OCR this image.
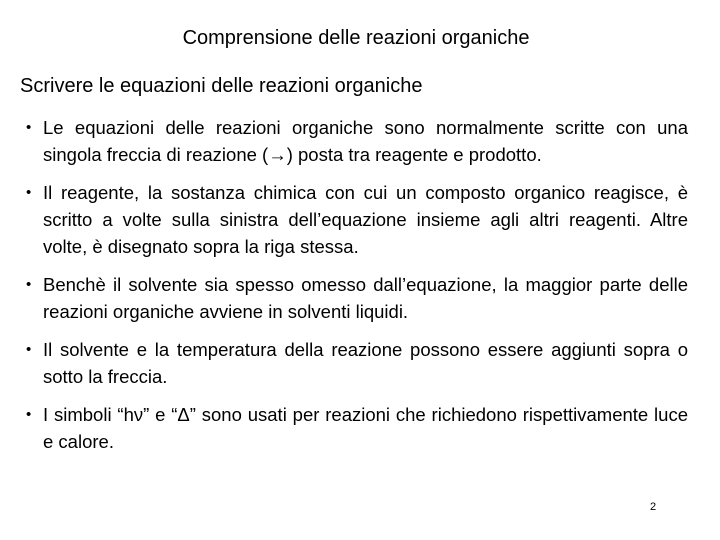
Comprensione delle reazioni organiche
Scrivere le equazioni delle reazioni organiche
• Le equazioni delle reazioni organiche sono normalmente scritte con una singola freccia di reazione (→) posta tra reagente e prodotto.
• Il reagente, la sostanza chimica con cui un composto organico reagisce, è scritto a volte sulla sinistra dell’equazione insieme agli altri reagenti. Altre volte, è disegnato sopra la riga stessa.
• Benchè il solvente sia spesso omesso dall’equazione, la maggior parte delle reazioni organiche avviene in solventi liquidi.
• Il solvente e la temperatura della reazione possono essere aggiunti sopra o sotto la freccia.
• I simboli “hν” e “Δ” sono usati per reazioni che richiedono rispettivamente luce e calore.
2
